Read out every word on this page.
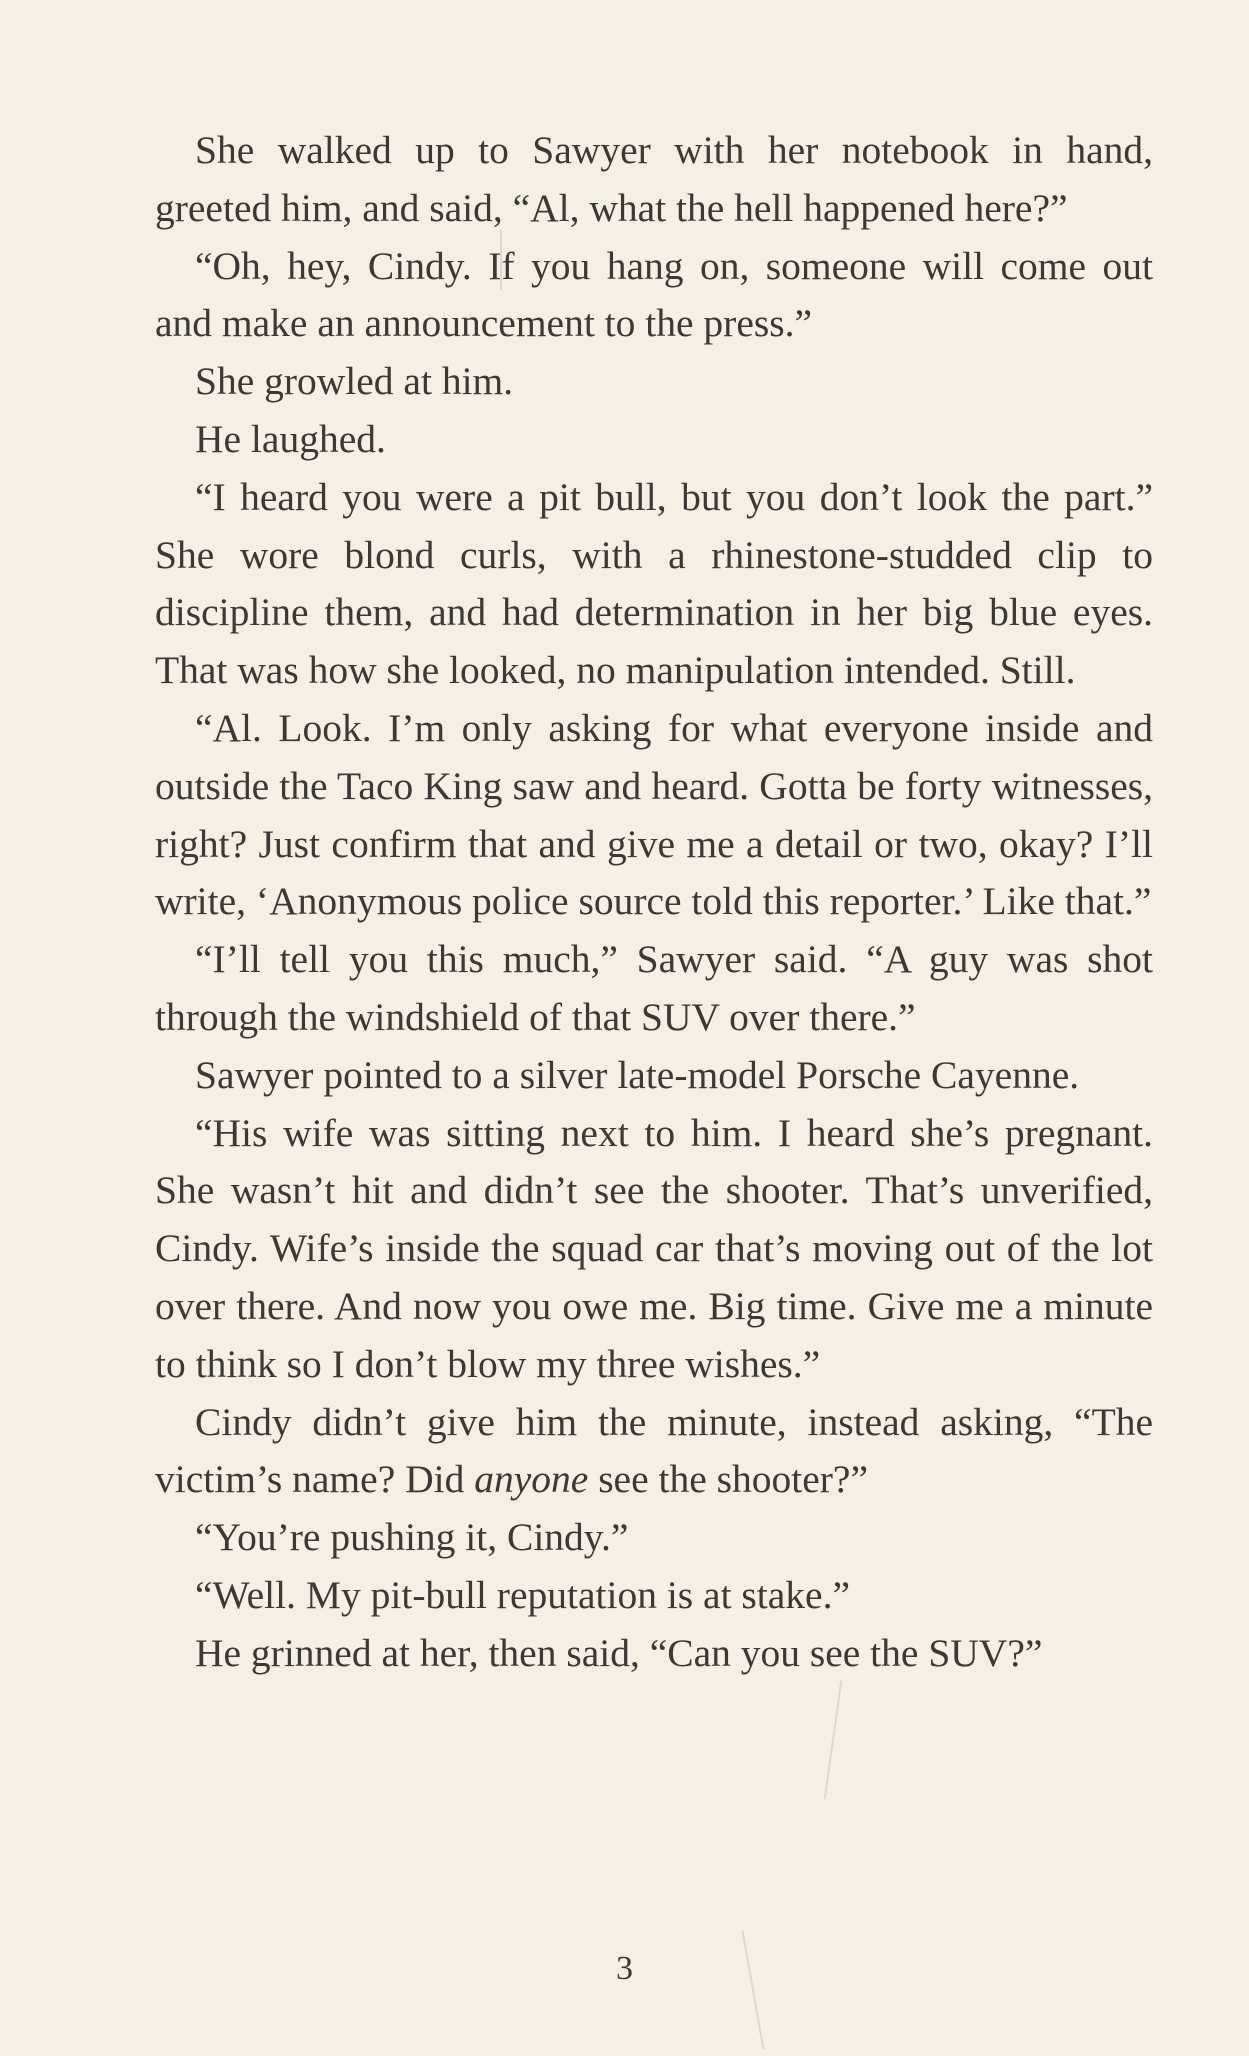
She walked up to Sawyer with her notebook in hand, greeted him, and said, “Al, what the hell happened here?”

“Oh, hey, Cindy. If you hang on, someone will come out and make an announcement to the press.”

She growled at him.

He laughed.

“I heard you were a pit bull, but you don’t look the part.” She wore blond curls, with a rhinestone-studded clip to discipline them, and had determination in her big blue eyes. That was how she looked, no manipulation intended. Still.

“Al. Look. I’m only asking for what everyone inside and outside the Taco King saw and heard. Gotta be forty witnesses, right? Just confirm that and give me a detail or two, okay? I’ll write, ‘Anonymous police source told this reporter.’ Like that.”

“I’ll tell you this much,” Sawyer said. “A guy was shot through the windshield of that SUV over there.”

Sawyer pointed to a silver late-model Porsche Cayenne.

“His wife was sitting next to him. I heard she’s pregnant. She wasn’t hit and didn’t see the shooter. That’s unverified, Cindy. Wife’s inside the squad car that’s moving out of the lot over there. And now you owe me. Big time. Give me a minute to think so I don’t blow my three wishes.”

Cindy didn’t give him the minute, instead asking, “The victim’s name? Did anyone see the shooter?”

“You’re pushing it, Cindy.”

“Well. My pit-bull reputation is at stake.”

He grinned at her, then said, “Can you see the SUV?”

3
